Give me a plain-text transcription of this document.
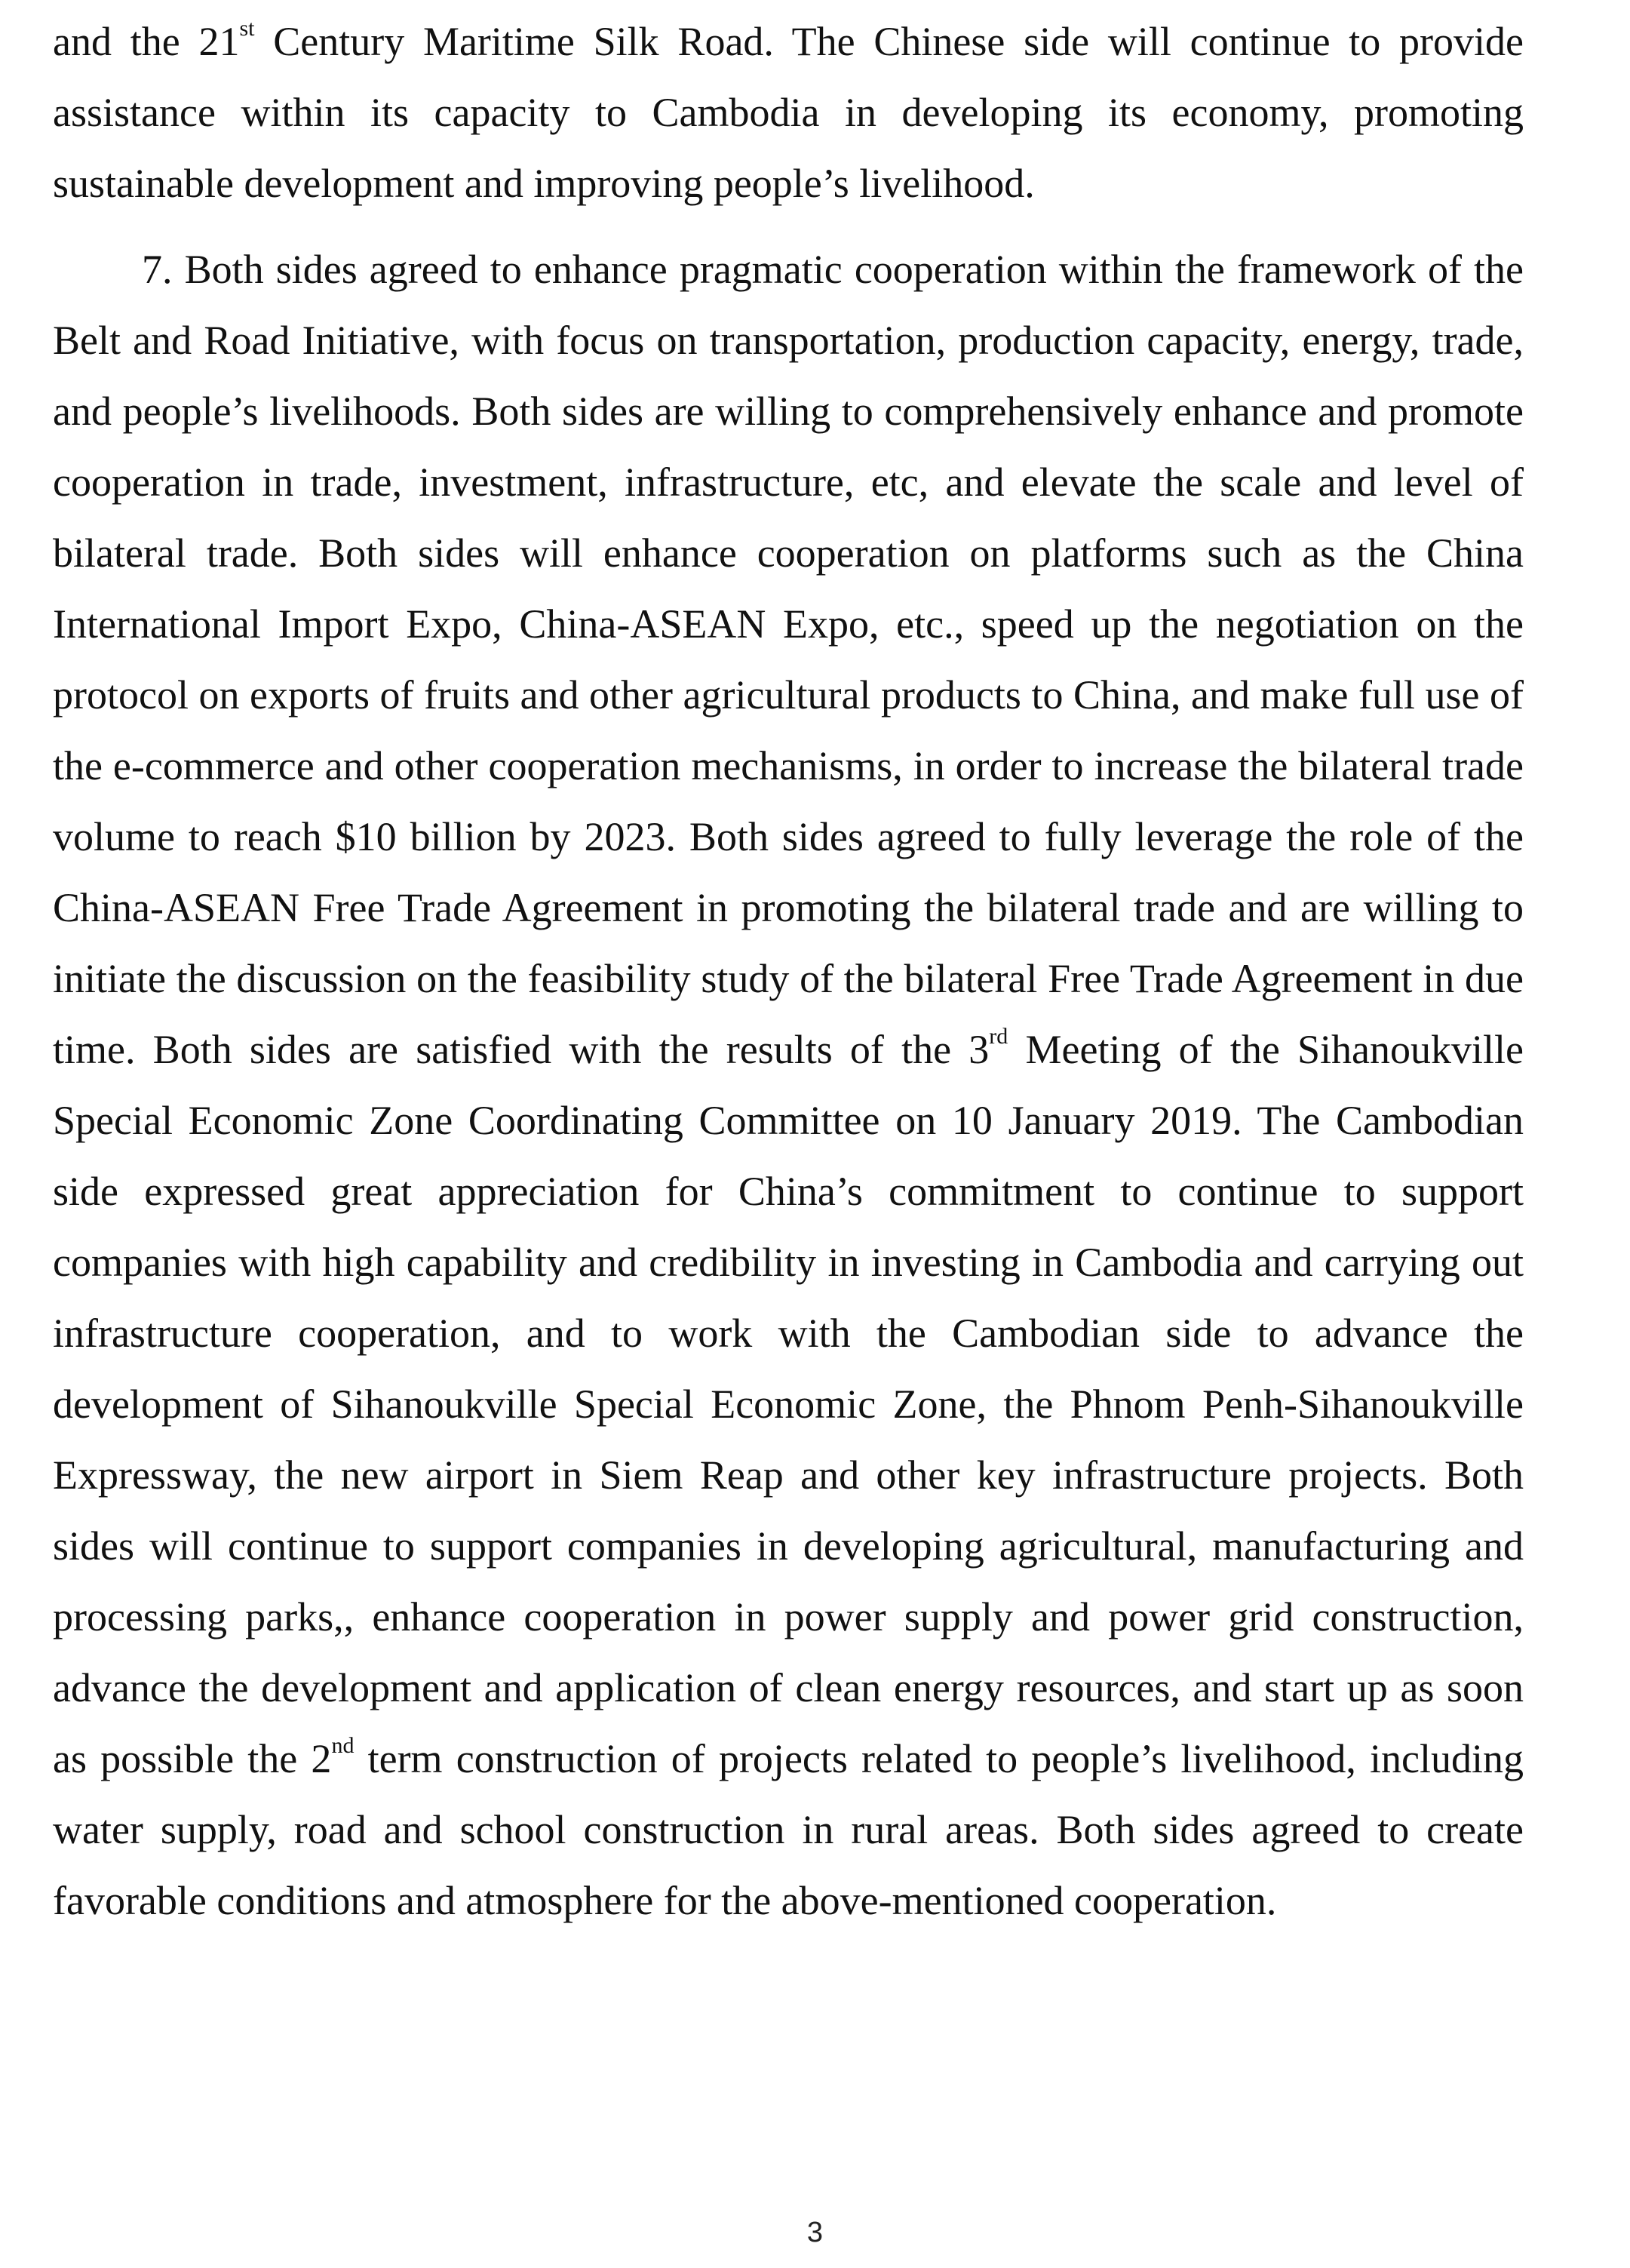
and the 21st Century Maritime Silk Road. The Chinese side will continue to provide assistance within its capacity to Cambodia in developing its economy, promoting sustainable development and improving people’s livelihood.

7. Both sides agreed to enhance pragmatic cooperation within the framework of the Belt and Road Initiative, with focus on transportation, production capacity, energy, trade, and people’s livelihoods. Both sides are willing to comprehensively enhance and promote cooperation in trade, investment, infrastructure, etc, and elevate the scale and level of bilateral trade. Both sides will enhance cooperation on platforms such as the China International Import Expo, China-ASEAN Expo, etc., speed up the negotiation on the protocol on exports of fruits and other agricultural products to China, and make full use of the e-commerce and other cooperation mechanisms, in order to increase the bilateral trade volume to reach $10 billion by 2023. Both sides agreed to fully leverage the role of the China-ASEAN Free Trade Agreement in promoting the bilateral trade and are willing to initiate the discussion on the feasibility study of the bilateral Free Trade Agreement in due time. Both sides are satisfied with the results of the 3rd Meeting of the Sihanoukville Special Economic Zone Coordinating Committee on 10 January 2019. The Cambodian side expressed great appreciation for China’s commitment to continue to support companies with high capability and credibility in investing in Cambodia and carrying out infrastructure cooperation, and to work with the Cambodian side to advance the development of Sihanoukville Special Economic Zone, the Phnom Penh-Sihanoukville Expressway, the new airport in Siem Reap and other key infrastructure projects. Both sides will continue to support companies in developing agricultural, manufacturing and processing parks,, enhance cooperation in power supply and power grid construction, advance the development and application of clean energy resources, and start up as soon as possible the 2nd term construction of projects related to people’s livelihood, including water supply, road and school construction in rural areas. Both sides agreed to create favorable conditions and atmosphere for the above-mentioned cooperation.

3
